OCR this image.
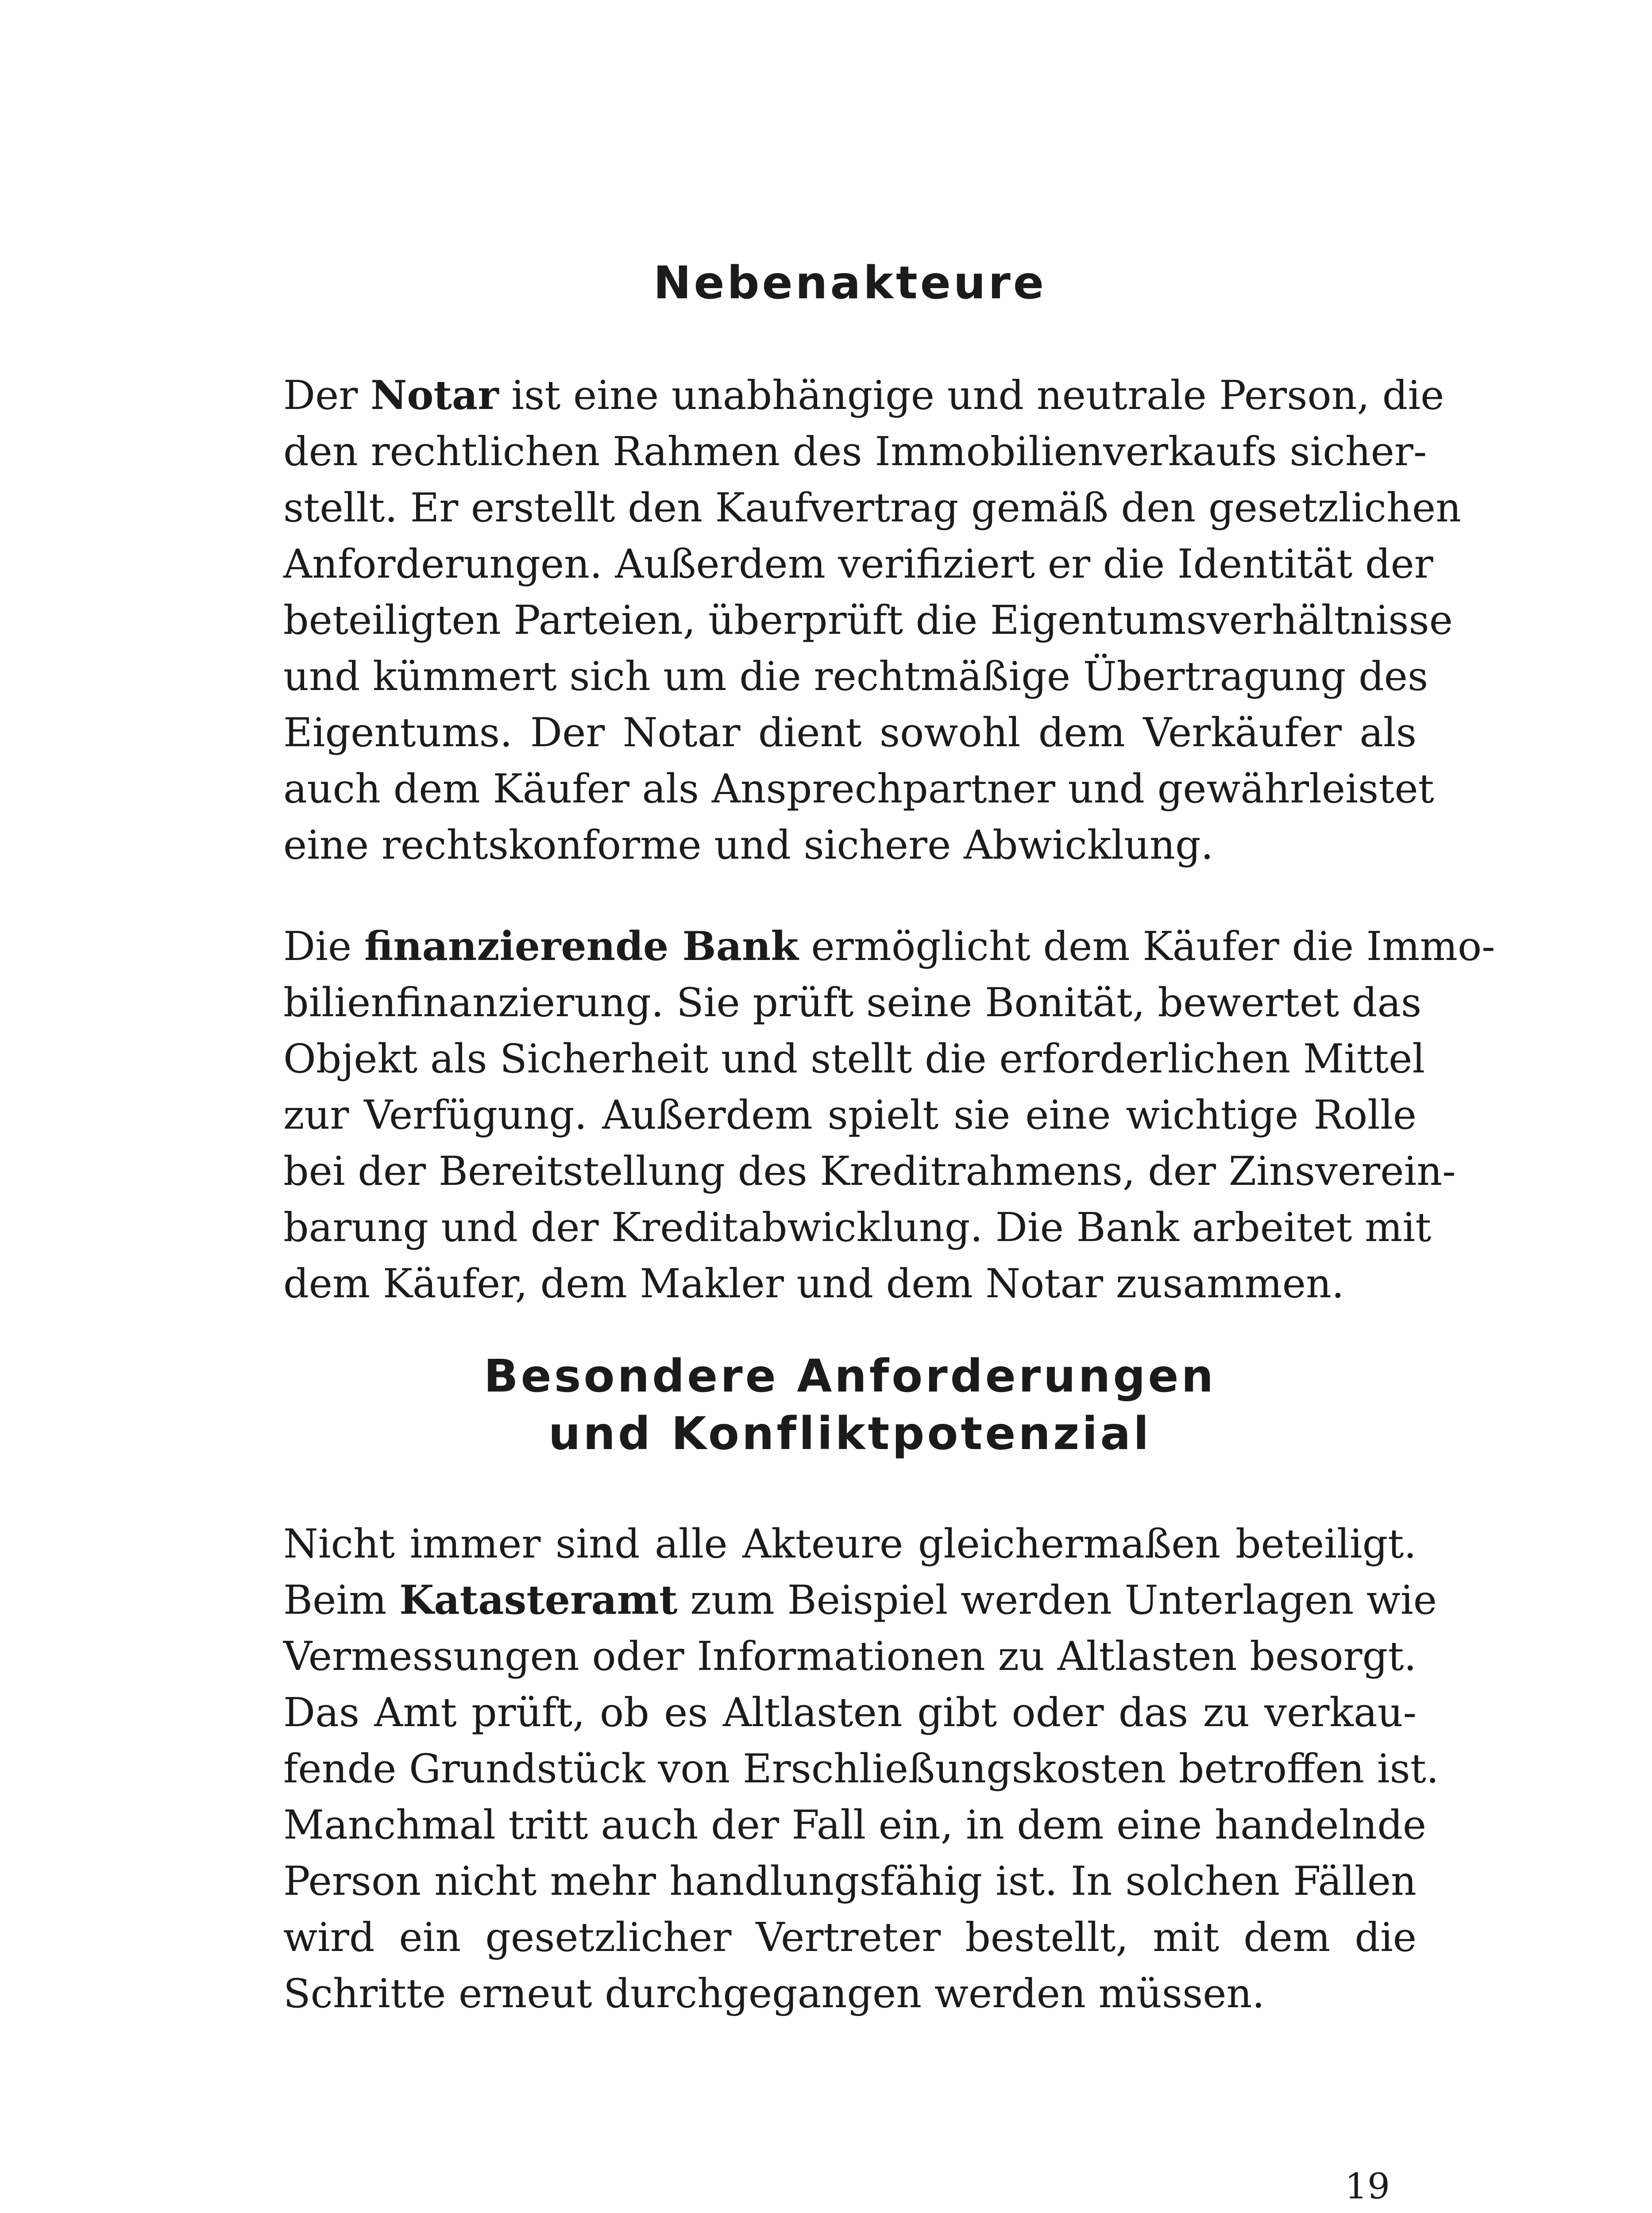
Nebenakteure

Der Notar ist eine unabhängige und neutrale Person, die
den rechtlichen Rahmen des Immobilienverkaufs sicher-
stellt. Er erstellt den Kaufvertrag gemäß den gesetzlichen
Anforderungen. Außerdem verifiziert er die Identität der
beteiligten Parteien, überprüft die Eigentumsverhältnisse
und kümmert sich um die rechtmäßige Übertragung des
Eigentums. Der Notar dient sowohl dem Verkäufer als
auch dem Käufer als Ansprechpartner und gewährleistet
eine rechtskonforme und sichere Abwicklung.

Die finanzierende Bank ermöglicht dem Käufer die Immo-
bilienfinanzierung. Sie prüft seine Bonität, bewertet das
Objekt als Sicherheit und stellt die erforderlichen Mittel
zur Verfügung. Außerdem spielt sie eine wichtige Rolle
bei der Bereitstellung des Kreditrahmens, der Zinsverein-
barung und der Kreditabwicklung. Die Bank arbeitet mit
dem Käufer, dem Makler und dem Notar zusammen.

Besondere Anforderungen
und Konfliktpotenzial

Nicht immer sind alle Akteure gleichermaßen beteiligt.
Beim Katasteramt zum Beispiel werden Unterlagen wie
Vermessungen oder Informationen zu Altlasten besorgt.
Das Amt prüft, ob es Altlasten gibt oder das zu verkau-
fende Grundstück von Erschließungskosten betroffen ist.
Manchmal tritt auch der Fall ein, in dem eine handelnde
Person nicht mehr handlungsfähig ist. In solchen Fällen
wird ein gesetzlicher Vertreter bestellt, mit dem die
Schritte erneut durchgegangen werden müssen.

19
